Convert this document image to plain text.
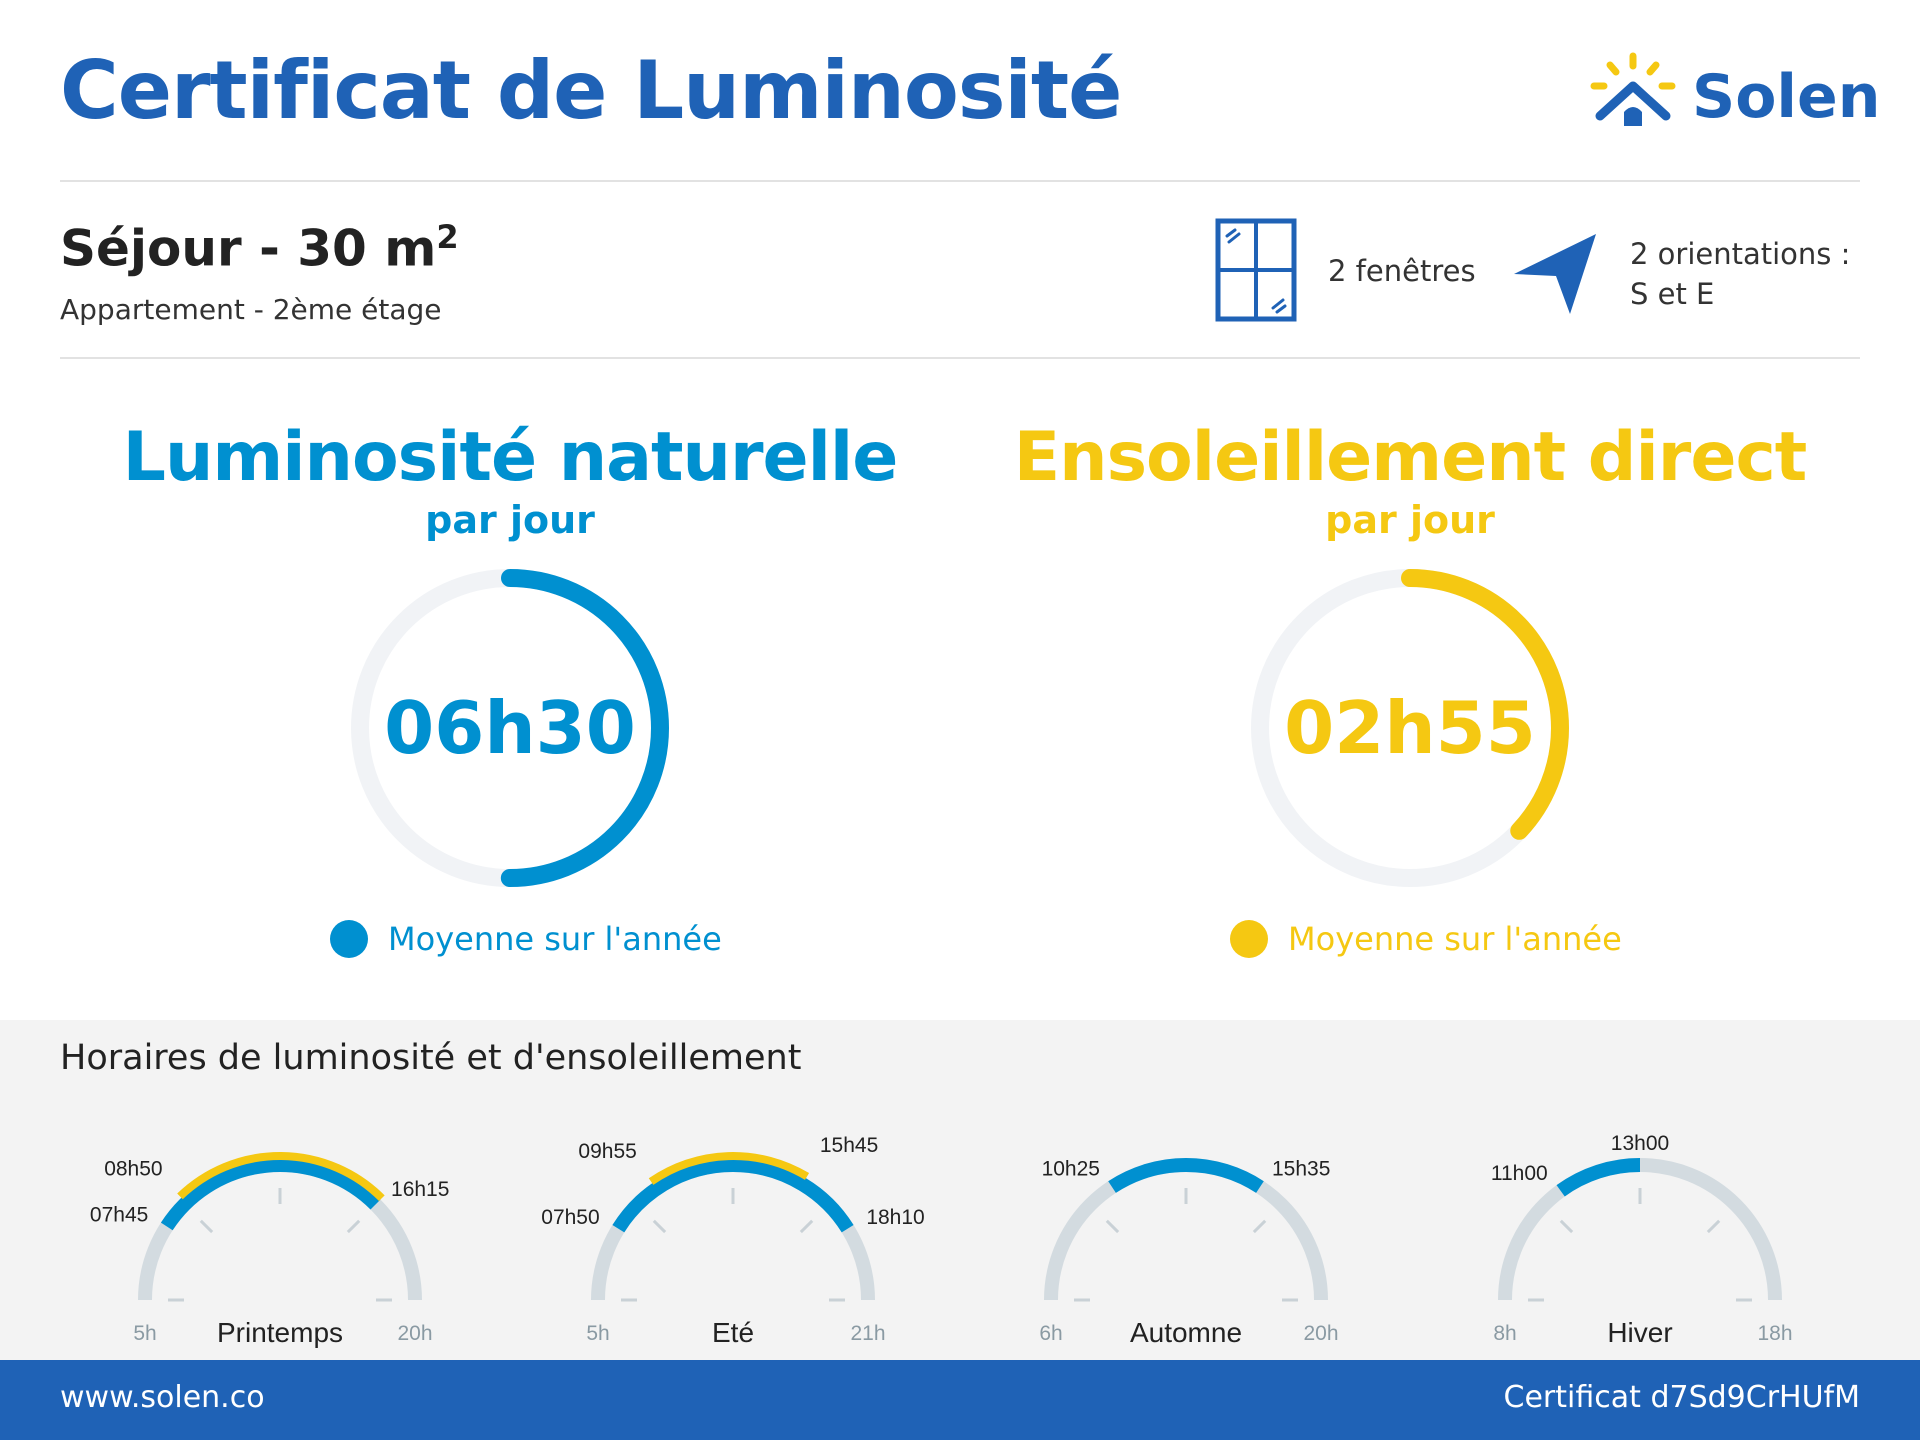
Certificat de Luminosité	Solen
Séjour - 30 $m^2$
Appartement - 2ème étage
2 fenêtres	2 orientations : S et E
Luminosité naturelle
par jour
06h30
Moyenne sur l'année
Ensoleillement direct
par jour
02h55
Moyenne sur l'année
Horaires de luminosité et d'ensoleillement
07h45
16h15
08h50
5h	20h
Printemps
07h50	18h10
09h55	15h45
5h	21h
Eté
10h25	15h35
6h	20h
Automne
11h00
13h00
8h	18h
Hiver
www.solen.co	Certificat d7Sd9CrHUfM
